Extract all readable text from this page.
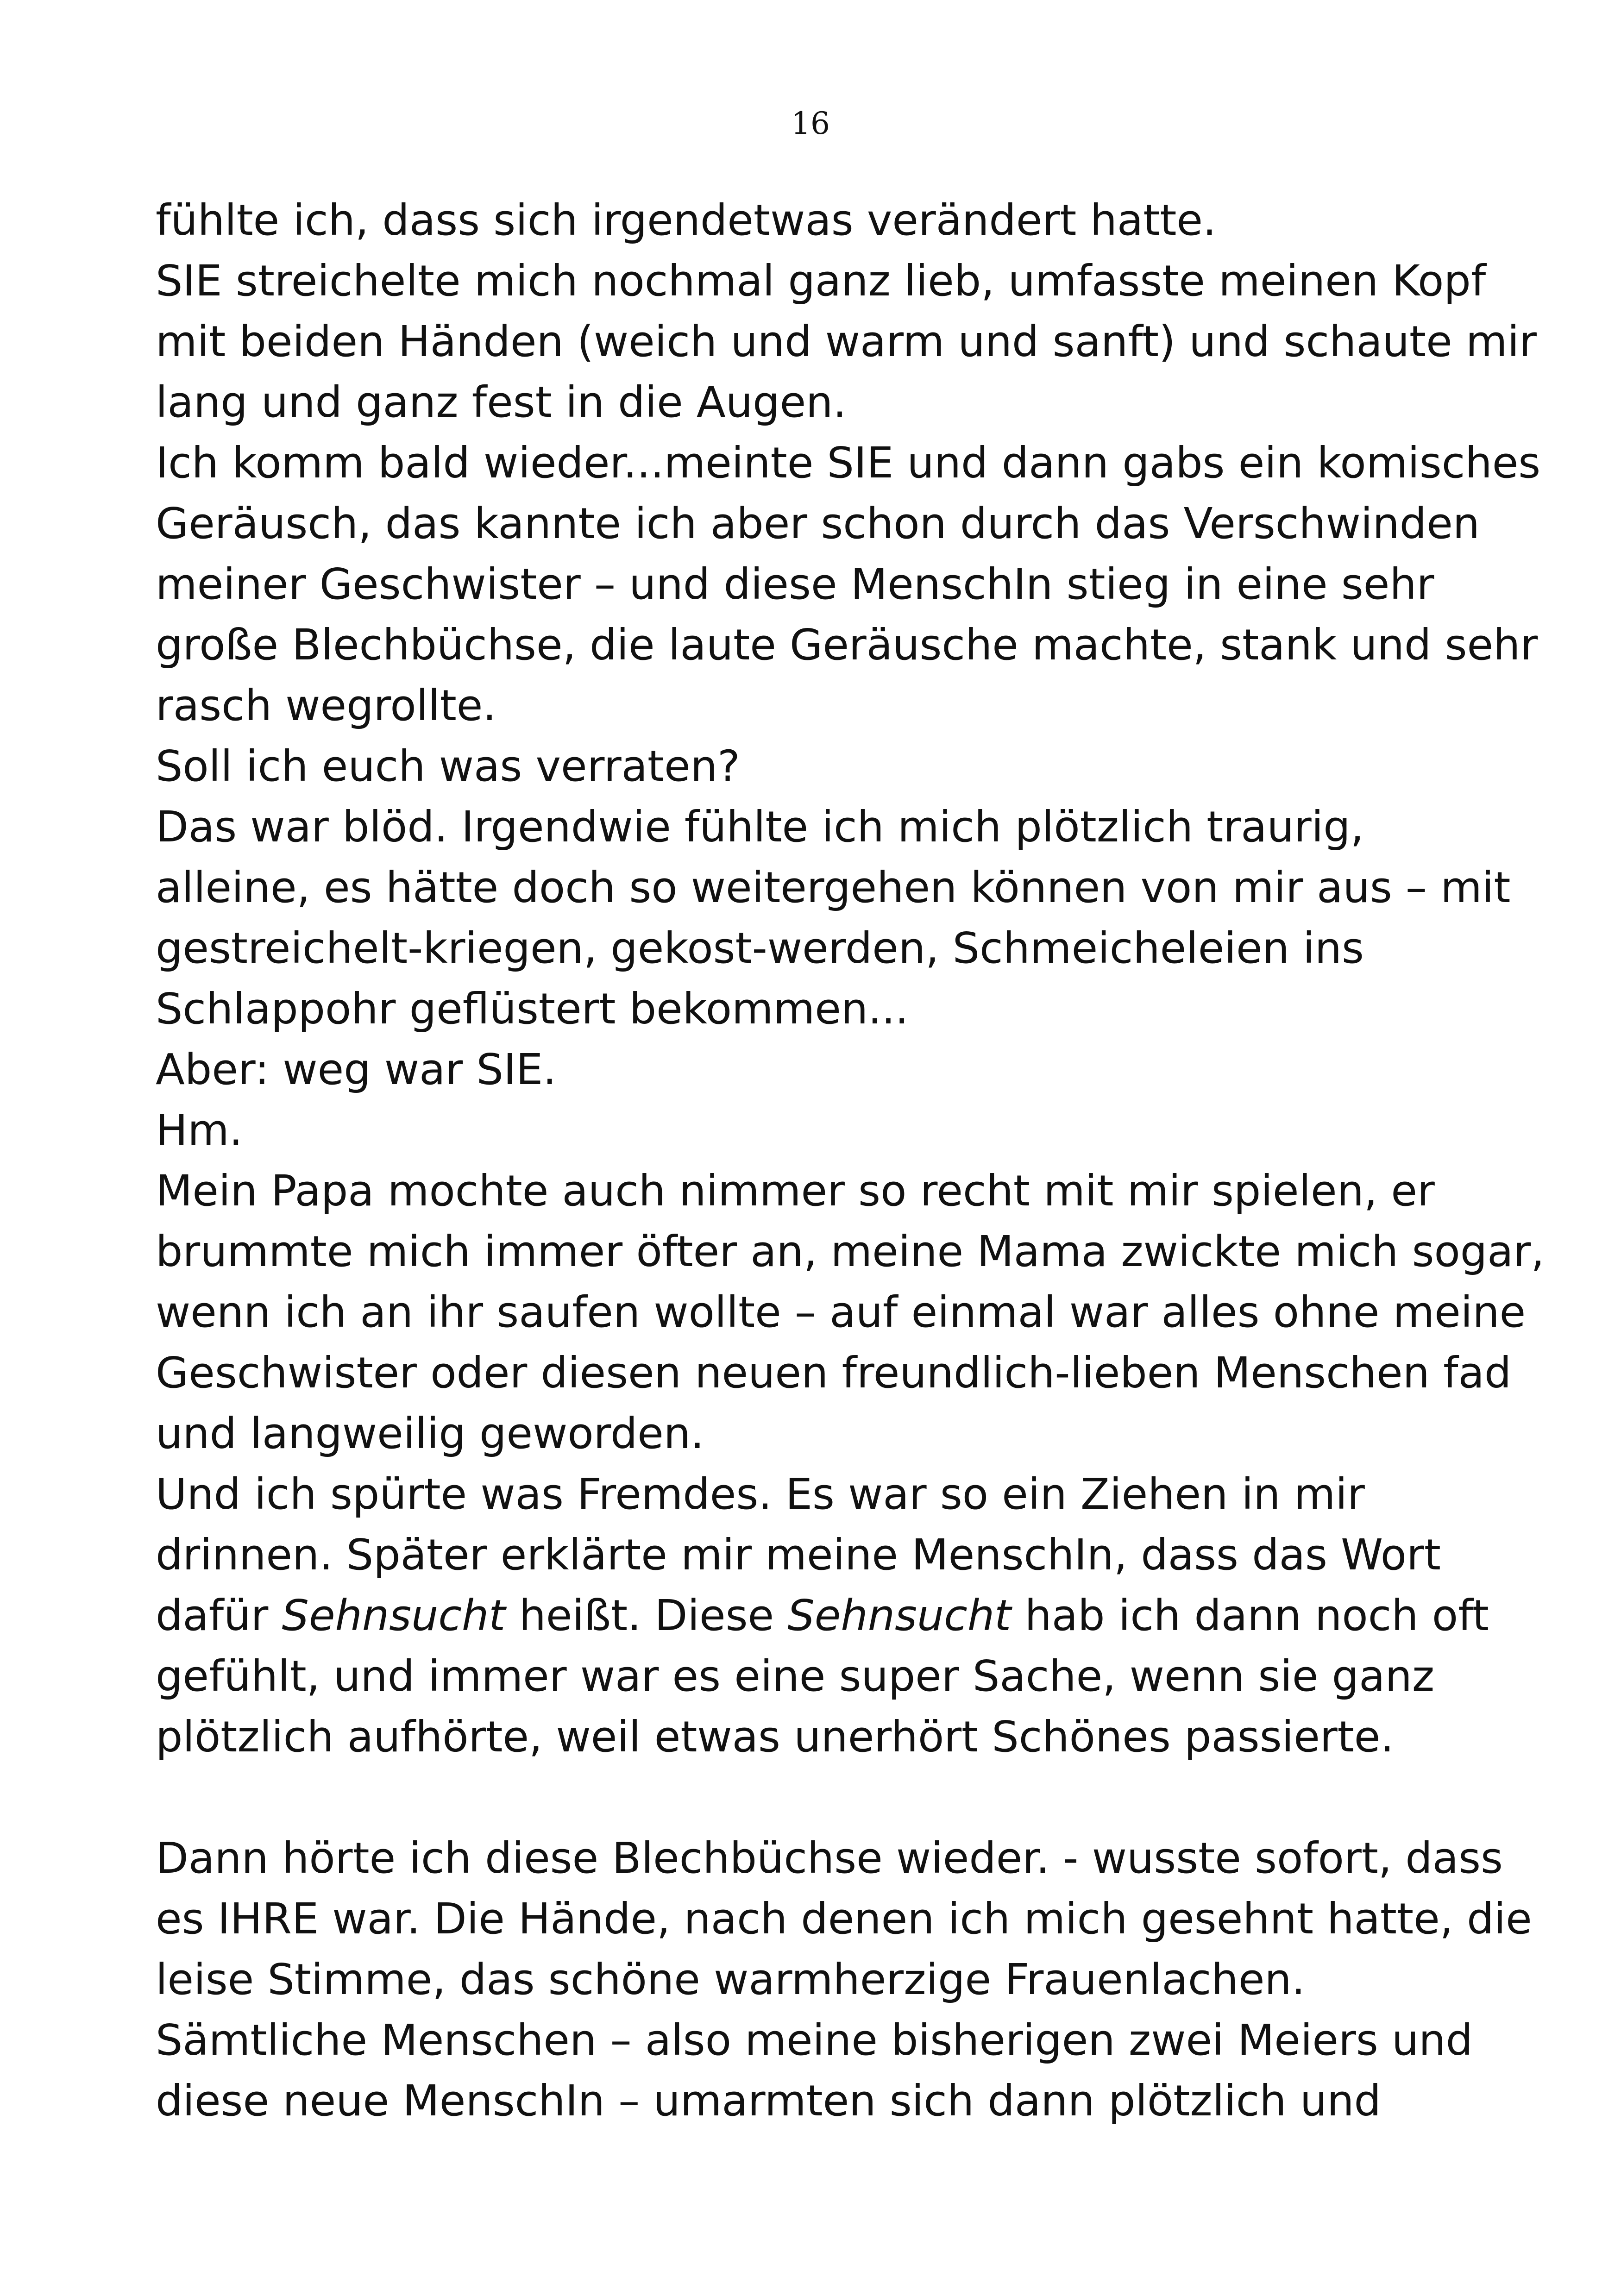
16
fühlte ich, dass sich irgendetwas verändert hatte.
SIE streichelte mich nochmal ganz lieb, umfasste meinen Kopf
mit beiden Händen (weich und warm und sanft) und schaute mir
lang und ganz fest in die Augen.
Ich komm bald wieder...meinte SIE und dann gabs ein komisches
Geräusch, das kannte ich aber schon durch das Verschwinden
meiner Geschwister – und diese MenschIn stieg in eine sehr
große Blechbüchse, die laute Geräusche machte, stank und sehr
rasch wegrollte.
Soll ich euch was verraten?
Das war blöd. Irgendwie fühlte ich mich plötzlich traurig,
alleine, es hätte doch so weitergehen können von mir aus – mit
gestreichelt-kriegen, gekost-werden, Schmeicheleien ins
Schlappohr geflüstert bekommen...
Aber: weg war SIE.
Hm.
Mein Papa mochte auch nimmer so recht mit mir spielen, er
brummte mich immer öfter an, meine Mama zwickte mich sogar,
wenn ich an ihr saufen wollte – auf einmal war alles ohne meine
Geschwister oder diesen neuen freundlich-lieben Menschen fad
und langweilig geworden.
Und ich spürte was Fremdes. Es war so ein Ziehen in mir
drinnen. Später erklärte mir meine MenschIn, dass das Wort
dafür Sehnsucht heißt. Diese Sehnsucht hab ich dann noch oft
gefühlt, und immer war es eine super Sache, wenn sie ganz
plötzlich aufhörte, weil etwas unerhört Schönes passierte.
Dann hörte ich diese Blechbüchse wieder. - wusste sofort, dass
es IHRE war. Die Hände, nach denen ich mich gesehnt hatte, die
leise Stimme, das schöne warmherzige Frauenlachen.
Sämtliche Menschen – also meine bisherigen zwei Meiers und
diese neue MenschIn – umarmten sich dann plötzlich und
